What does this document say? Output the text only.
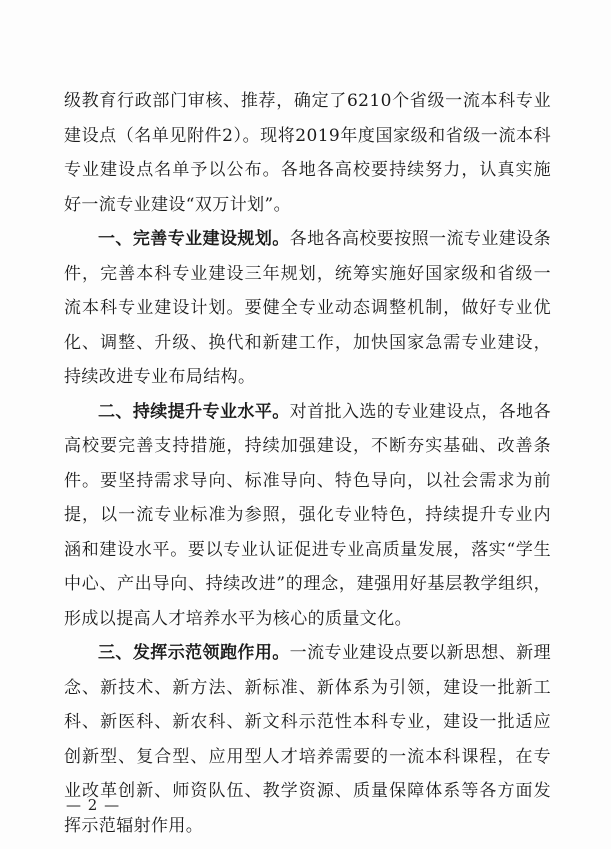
级教育行政部门审核、推荐，确定了6210个省级一流本科专业建设点（名单见附件2）。现将2019年度国家级和省级一流本科专业建设点名单予以公布。各地各高校要持续努力，认真实施好一流专业建设“双万计划”。

一、完善专业建设规划。各地各高校要按照一流专业建设条件，完善本科专业建设三年规划，统筹实施好国家级和省级一流本科专业建设计划。要健全专业动态调整机制，做好专业优化、调整、升级、换代和新建工作，加快国家急需专业建设，持续改进专业布局结构。

二、持续提升专业水平。对首批入选的专业建设点，各地各高校要完善支持措施，持续加强建设，不断夯实基础、改善条件。要坚持需求导向、标准导向、特色导向，以社会需求为前提，以一流专业标准为参照，强化专业特色，持续提升专业内涵和建设水平。要以专业认证促进专业高质量发展，落实“学生中心、产出导向、持续改进”的理念，建强用好基层教学组织，形成以提高人才培养水平为核心的质量文化。

三、发挥示范领跑作用。一流专业建设点要以新思想、新理念、新技术、新方法、新标准、新体系为引领，建设一批新工科、新医科、新农科、新文科示范性本科专业，建设一批适应创新型、复合型、应用型人才培养需要的一流本科课程，在专业改革创新、师资队伍、教学资源、质量保障体系等各方面发挥示范辐射作用。

— 2 —
